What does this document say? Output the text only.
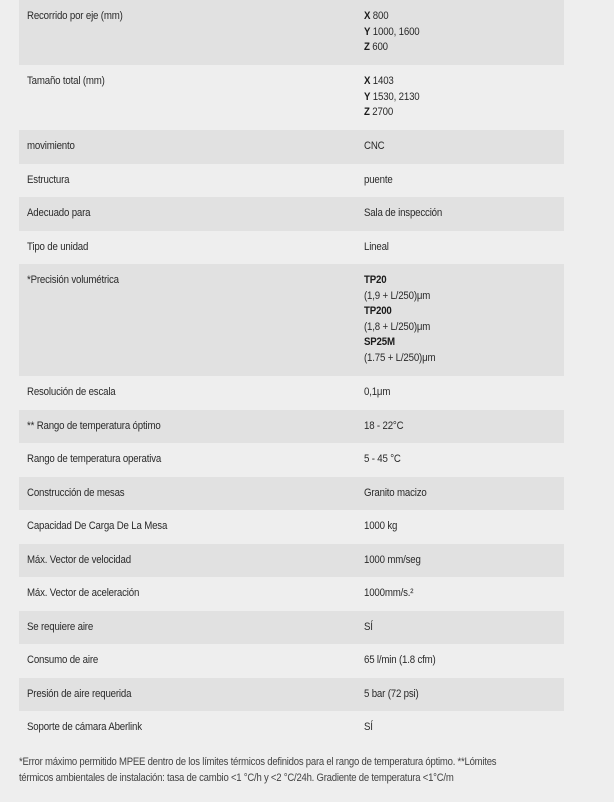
Recorrido por eje (mm)	X 800
Y 1000, 1600
Z 600
Tamaño total (mm)	X 1403
Y 1530, 2130
Z 2700
movimiento	CNC
Estructura	puente
Adecuado para	Sala de inspección
Tipo de unidad	Lineal
*Precisión volumétrica	TP20
(1,9 + L/250)μm
TP200
(1,8 + L/250)μm
SP25M
(1.75 + L/250)μm
Resolución de escala	0,1μm
** Rango de temperatura óptimo	18 - 22°C
Rango de temperatura operativa	5 - 45 °C
Construcción de mesas	Granito macizo
Capacidad De Carga De La Mesa	1000 kg
Máx. Vector de velocidad	1000 mm/seg
Máx. Vector de aceleración	1000mm/s.²
Se requiere aire	SÍ
Consumo de aire	65 l/min (1.8 cfm)
Presión de aire requerida	5 bar (72 psi)
Soporte de cámara Aberlink	SÍ
*Error máximo permitido MPEE dentro de los límites térmicos definidos para el rango de temperatura óptimo. **Lómites
térmicos ambientales de instalación: tasa de cambio <1 °C/h y <2 °C/24h. Gradiente de temperatura <1°C/m
